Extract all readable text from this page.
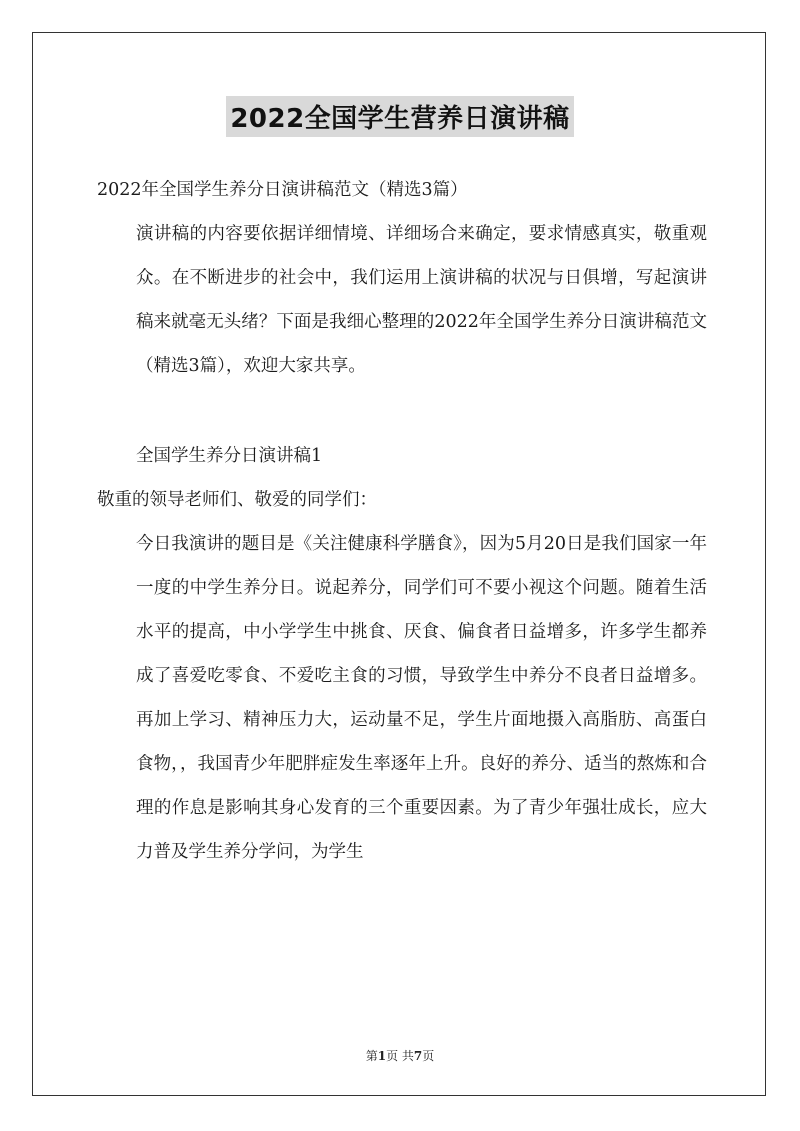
2022全国学生营养日演讲稿
2022年全国学生养分日演讲稿范文（精选3篇）
演讲稿的内容要依据详细情境、详细场合来确定，要求情感真实，敬重观众。在不断进步的社会中，我们运用上演讲稿的状况与日俱增，写起演讲稿来就毫无头绪？下面是我细心整理的2022年全国学生养分日演讲稿范文（精选3篇），欢迎大家共享。
全国学生养分日演讲稿1
敬重的领导老师们、敬爱的同学们：
今日我演讲的题目是《关注健康科学膳食》，因为5月20日是我们国家一年一度的中学生养分日。说起养分，同学们可不要小视这个问题。随着生活水平的提高，中小学学生中挑食、厌食、偏食者日益增多，许多学生都养成了喜爱吃零食、不爱吃主食的习惯，导致学生中养分不良者日益增多。再加上学习、精神压力大，运动量不足，学生片面地摄入高脂肪、高蛋白食物，，我国青少年肥胖症发生率逐年上升。良好的养分、适当的熬炼和合理的作息是影响其身心发育的三个重要因素。为了青少年强壮成长，应大力普及学生养分学问，为学生
第1页 共7页
